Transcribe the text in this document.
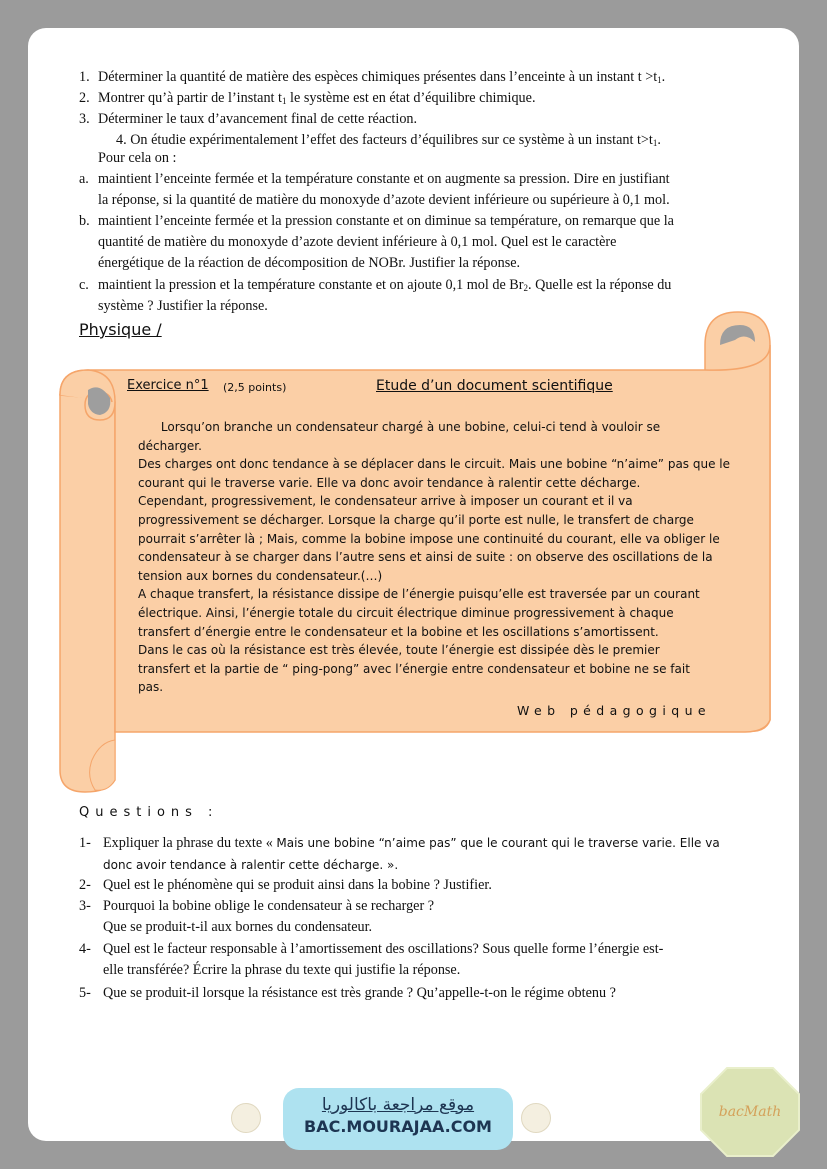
1. Déterminer la quantité de matière des espèces chimiques présentes dans l’enceinte à un instant $t >t_1$.
2. Montrer qu’à partir de l’instant $t_1$ le système est en état d’équilibre chimique.
3. Déterminer le taux d’avancement final de cette réaction.
4. On étudie expérimentalement l’effet des facteurs d’équilibres sur ce système à un instant $t>t_1$.
Pour cela on :
a. maintient l’enceinte fermée et la température constante et on augmente sa pression. Dire en justifiant
la réponse, si la quantité de matière du monoxyde d’azote devient inférieure ou supérieure à 0,1 mol.
b. maintient l’enceinte fermée et la pression constante et on diminue sa température, on remarque que la
quantité de matière du monoxyde d’azote devient inférieure à 0,1 mol. Quel est le caractère
énergétique de la réaction de décomposition de NOBr. Justifier la réponse.
c. maintient la pression et la température constante et on ajoute 0,1 mol de $Br_2$. Quelle est la réponse du
système ? Justifier la réponse.
Physique /
Exercice n°1 (2,5 points)	Etude d’un document scientifique

Lorsqu’on branche un condensateur chargé à une bobine, celui-ci tend à vouloir se

décharger.

Des charges ont donc tendance à se déplacer dans le circuit. Mais une bobine “n’aime” pas que le

courant qui le traverse varie. Elle va donc avoir tendance à ralentir cette décharge.

Cependant, progressivement, le condensateur arrive à imposer un courant et il va

progressivement se décharger. Lorsque la charge qu’il porte est nulle, le transfert de charge

pourrait s’arrêter là ; Mais, comme la bobine impose une continuité du courant, elle va obliger le

condensateur à se charger dans l’autre sens et ainsi de suite : on observe des oscillations de la

tension aux bornes du condensateur.(…)

A chaque transfert, la résistance dissipe de l’énergie puisqu’elle est traversée par un courant

électrique. Ainsi, l’énergie totale du circuit électrique diminue progressivement à chaque

transfert d’énergie entre le condensateur et la bobine et les oscillations s’amortissent.

Dans le cas où la résistance est très élevée, toute l’énergie est dissipée dès le premier

transfert et la partie de “ ping-pong” avec l’énergie entre condensateur et bobine ne se fait

pas.

Web pédagogique
Questions :
1- Expliquer la phrase du texte « Mais une bobine “n’aime pas” que le courant qui le traverse varie. Elle va
donc avoir tendance à ralentir cette décharge. ».
2- Quel est le phénomène qui se produit ainsi dans la bobine ? Justifier.
3- Pourquoi la bobine oblige le condensateur à se recharger ?
Que se produit-t-il aux bornes du condensateur.
4- Quel est le facteur responsable à l’amortissement des oscillations? Sous quelle forme l’énergie est-
elle transférée? Écrire la phrase du texte qui justifie la réponse.
5- Que se produit-il lorsque la résistance est très grande ? Qu’appelle-t-on le régime obtenu ?
موقع مراجعة باكالوريا
BAC.MOURAJAA.COM
bacMath
